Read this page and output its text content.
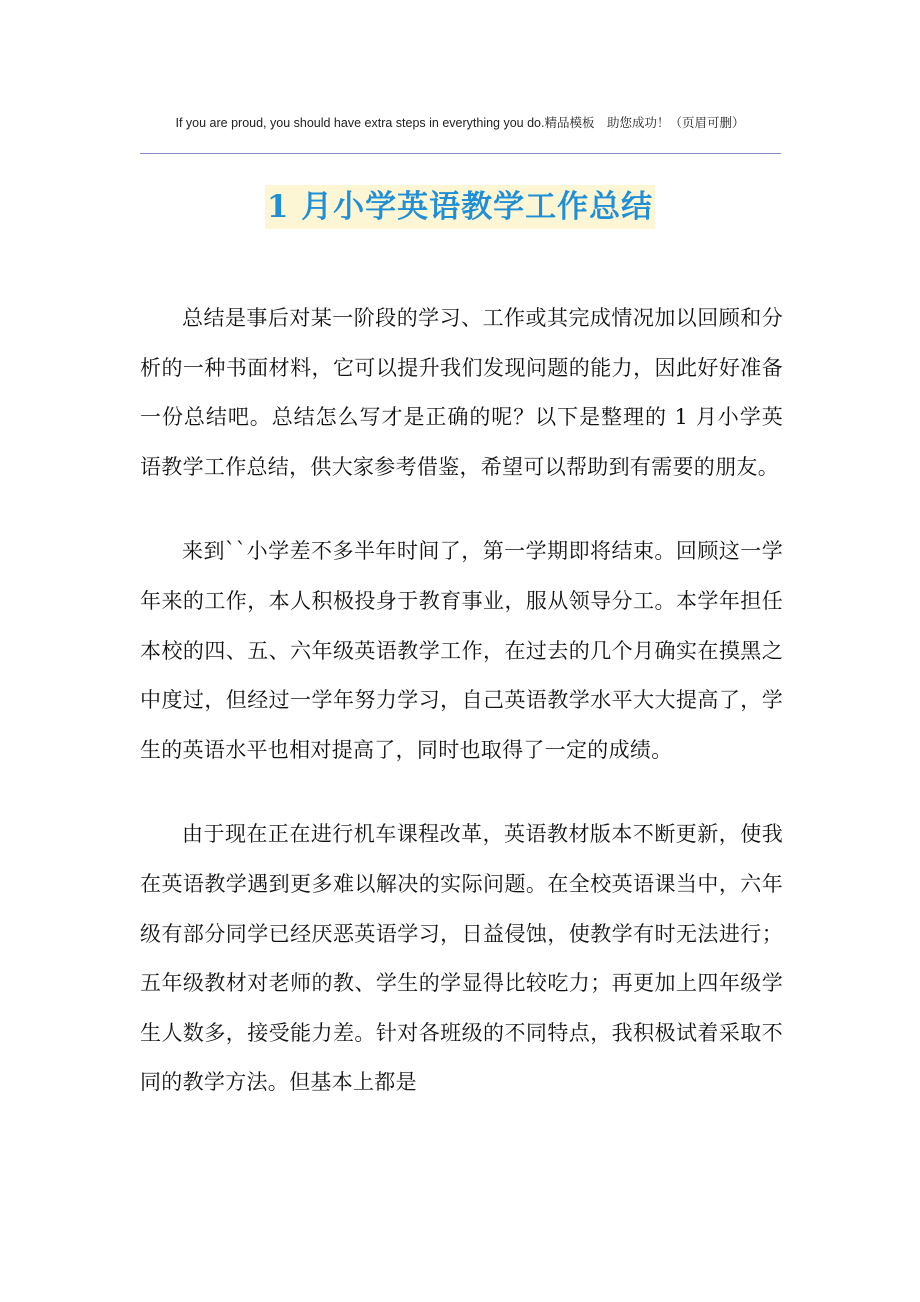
If you are proud, you should have extra steps in everything you do.精品模板　助您成功！（页眉可删）
1 月小学英语教学工作总结

总结是事后对某一阶段的学习、工作或其完成情况加以回顾和分析的一种书面材料，它可以提升我们发现问题的能力，因此好好准备一份总结吧。总结怎么写才是正确的呢？以下是整理的 1 月小学英语教学工作总结，供大家参考借鉴，希望可以帮助到有需要的朋友。

来到``小学差不多半年时间了，第一学期即将结束。回顾这一学年来的工作，本人积极投身于教育事业，服从领导分工。本学年担任本校的四、五、六年级英语教学工作，在过去的几个月确实在摸黑之中度过，但经过一学年努力学习，自己英语教学水平大大提高了，学生的英语水平也相对提高了，同时也取得了一定的成绩。

由于现在正在进行机车课程改革，英语教材版本不断更新，使我在英语教学遇到更多难以解决的实际问题。在全校英语课当中，六年级有部分同学已经厌恶英语学习，日益侵蚀，使教学有时无法进行；五年级教材对老师的教、学生的学显得比较吃力；再更加上四年级学生人数多，接受能力差。针对各班级的不同特点，我积极试着采取不同的教学方法。但基本上都是
